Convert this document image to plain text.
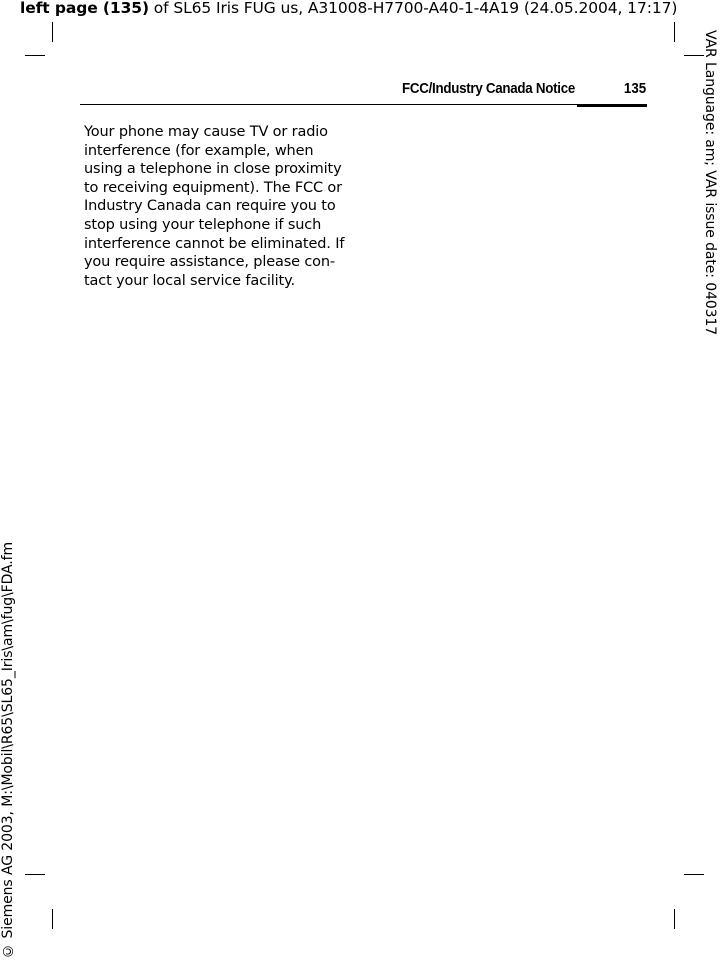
left page (135) of SL65 Iris FUG us, A31008-H7700-A40-1-4A19 (24.05.2004, 17:17)
FCC/Industry Canada Notice	135

Your phone may cause TV or radio interference (for example, when using a telephone in close proximity to receiving equipment). The FCC or Industry Canada can require you to stop using your telephone if such interference cannot be eliminated. If you require assistance, please con-tact your local service facility.	VAR Language: am; VAR issue date: 040317
© Siemens AG 2003, M:\Mobil\R65\SL65_Iris\am\fug\FDA.fm
